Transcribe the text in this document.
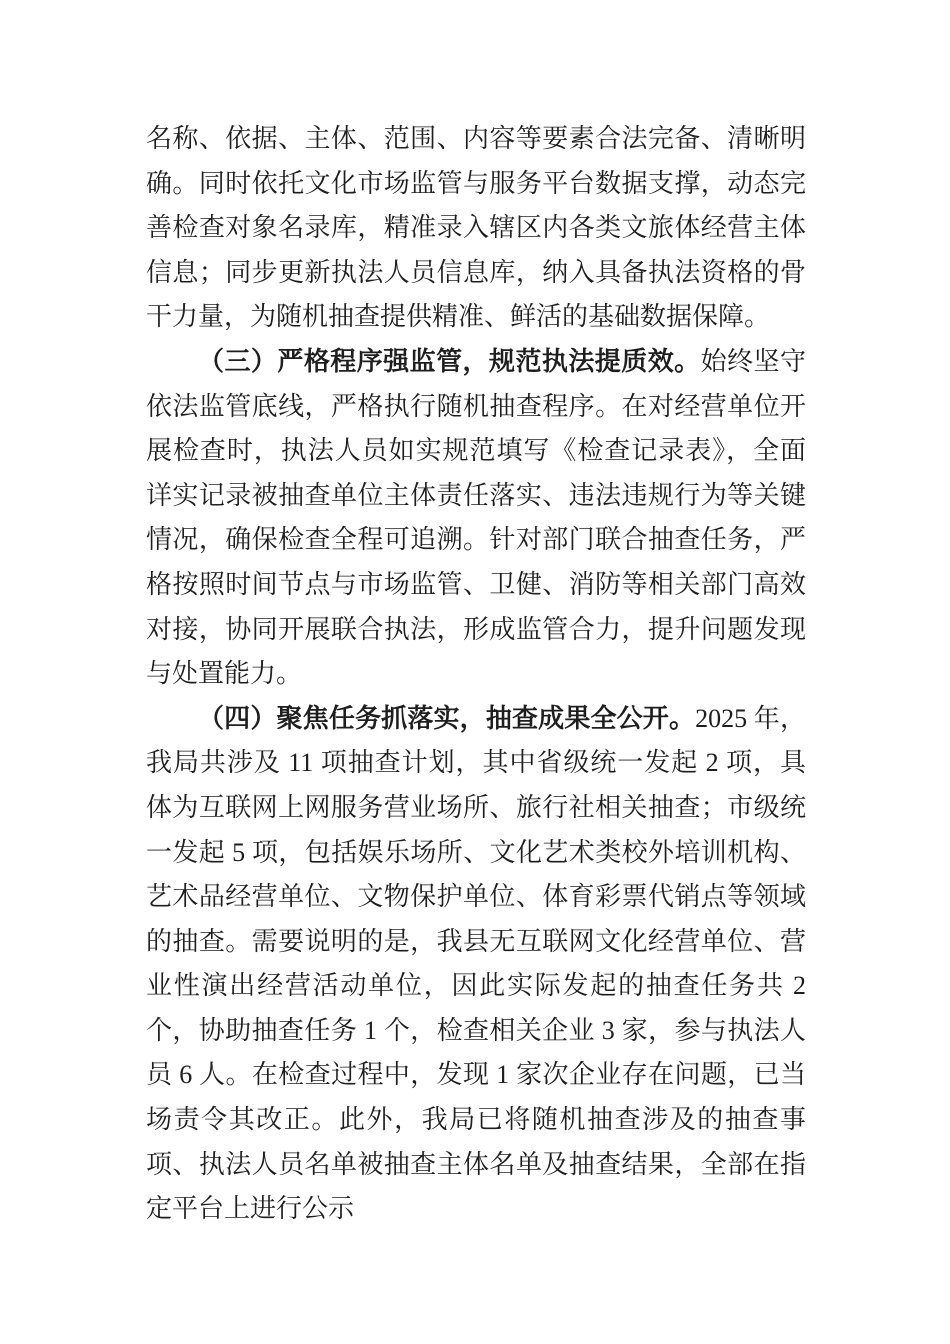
名称、依据、主体、范围、内容等要素合法完备、清晰明确。同时依托文化市场监管与服务平台数据支撑，动态完善检查对象名录库，精准录入辖区内各类文旅体经营主体信息；同步更新执法人员信息库，纳入具备执法资格的骨干力量，为随机抽查提供精准、鲜活的基础数据保障。

（三）严格程序强监管，规范执法提质效。始终坚守依法监管底线，严格执行随机抽查程序。在对经营单位开展检查时，执法人员如实规范填写《检查记录表》，全面详实记录被抽查单位主体责任落实、违法违规行为等关键情况，确保检查全程可追溯。针对部门联合抽查任务，严格按照时间节点与市场监管、卫健、消防等相关部门高效对接，协同开展联合执法，形成监管合力，提升问题发现与处置能力。

（四）聚焦任务抓落实，抽查成果全公开。2025 年，我局共涉及 11 项抽查计划，其中省级统一发起 2 项，具体为互联网上网服务营业场所、旅行社相关抽查；市级统一发起 5 项，包括娱乐场所、文化艺术类校外培训机构、艺术品经营单位、文物保护单位、体育彩票代销点等领域的抽查。需要说明的是，我县无互联网文化经营单位、营业性演出经营活动单位，因此实际发起的抽查任务共 2 个，协助抽查任务 1 个，检查相关企业 3 家，参与执法人员 6 人。在检查过程中，发现 1 家次企业存在问题，已当场责令其改正。此外，我局已将随机抽查涉及的抽查事项、执法人员名单被抽查主体名单及抽查结果，全部在指定平台上进行公示
